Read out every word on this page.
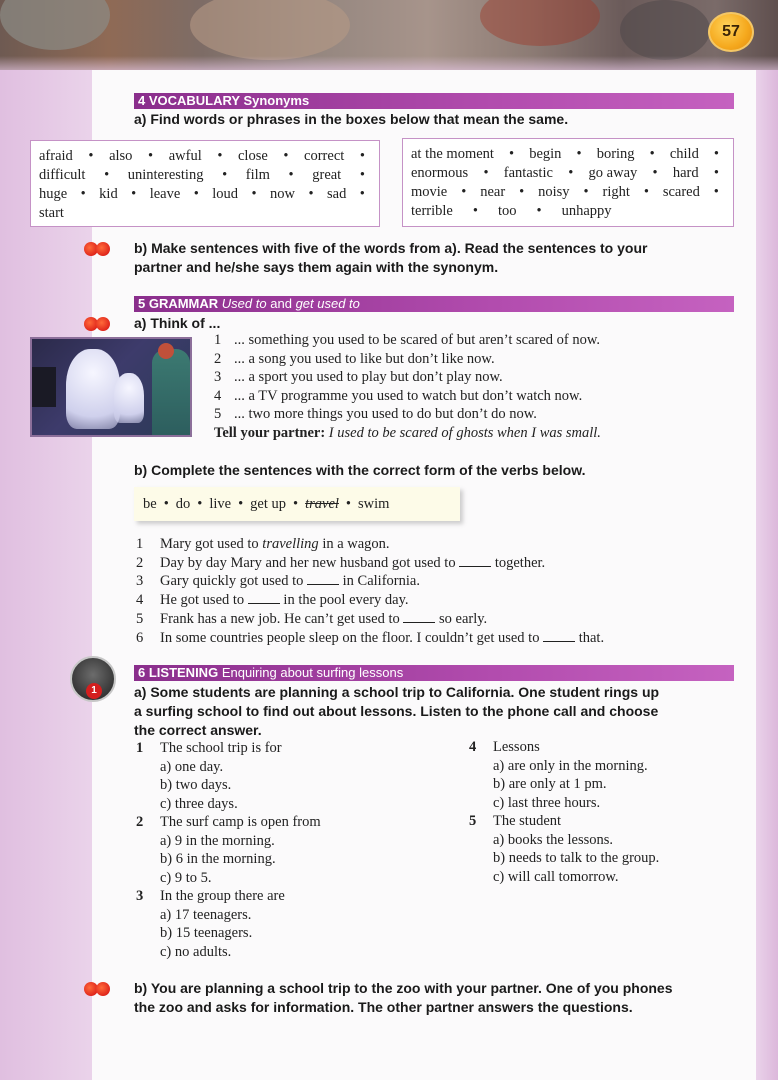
57
4 VOCABULARY Synonyms
a) Find words or phrases in the boxes below that mean the same.
afraid • also • awful • close • correct •
difficult • uninteresting • film • great •
huge • kid • leave • loud • now • sad •
start
at the moment • begin • boring • child •
enormous • fantastic • go away • hard •
movie • near • noisy • right • scared •
terrible • too • unhappy
b) Make sentences with five of the words from a). Read the sentences to your
partner and he/she says them again with the synonym.
5 GRAMMAR Used to and get used to
a) Think of ...
1 ... something you used to be scared of but aren’t scared of now.
2 ... a song you used to like but don’t like now.
3 ... a sport you used to play but don’t play now.
4 ... a TV programme you used to watch but don’t watch now.
5 ... two more things you used to do but don’t do now.
Tell your partner: I used to be scared of ghosts when I was small.
b) Complete the sentences with the correct form of the verbs below.
be • do • live • get up • travel • swim
1	Mary got used to travelling in a wagon.
2	Day by day Mary and her new husband got used to  together.
3	Gary quickly got used to  in California.
4	He got used to  in the pool every day.
5	Frank has a new job. He can’t get used to  so early.
6	In some countries people sleep on the floor. I couldn’t get used to  that.
6 LISTENING Enquiring about surfing lessons
1	a) Some students are planning a school trip to California. One student rings up
a surfing school to find out about lessons. Listen to the phone call and choose
the correct answer.
1 The school trip is for
a) one day.
b) two days.
c) three days.
2 The surf camp is open from
a) 9 in the morning.
b) 6 in the morning.
c) 9 to 5.
3 In the group there are
a) 17 teenagers.
b) 15 teenagers.
c) no adults.
4 Lessons
a) are only in the morning.
b) are only at 1 pm.
c) last three hours.
5 The student
a) books the lessons.
b) needs to talk to the group.
c) will call tomorrow.
b) You are planning a school trip to the zoo with your partner. One of you phones
the zoo and asks for information. The other partner answers the questions.
